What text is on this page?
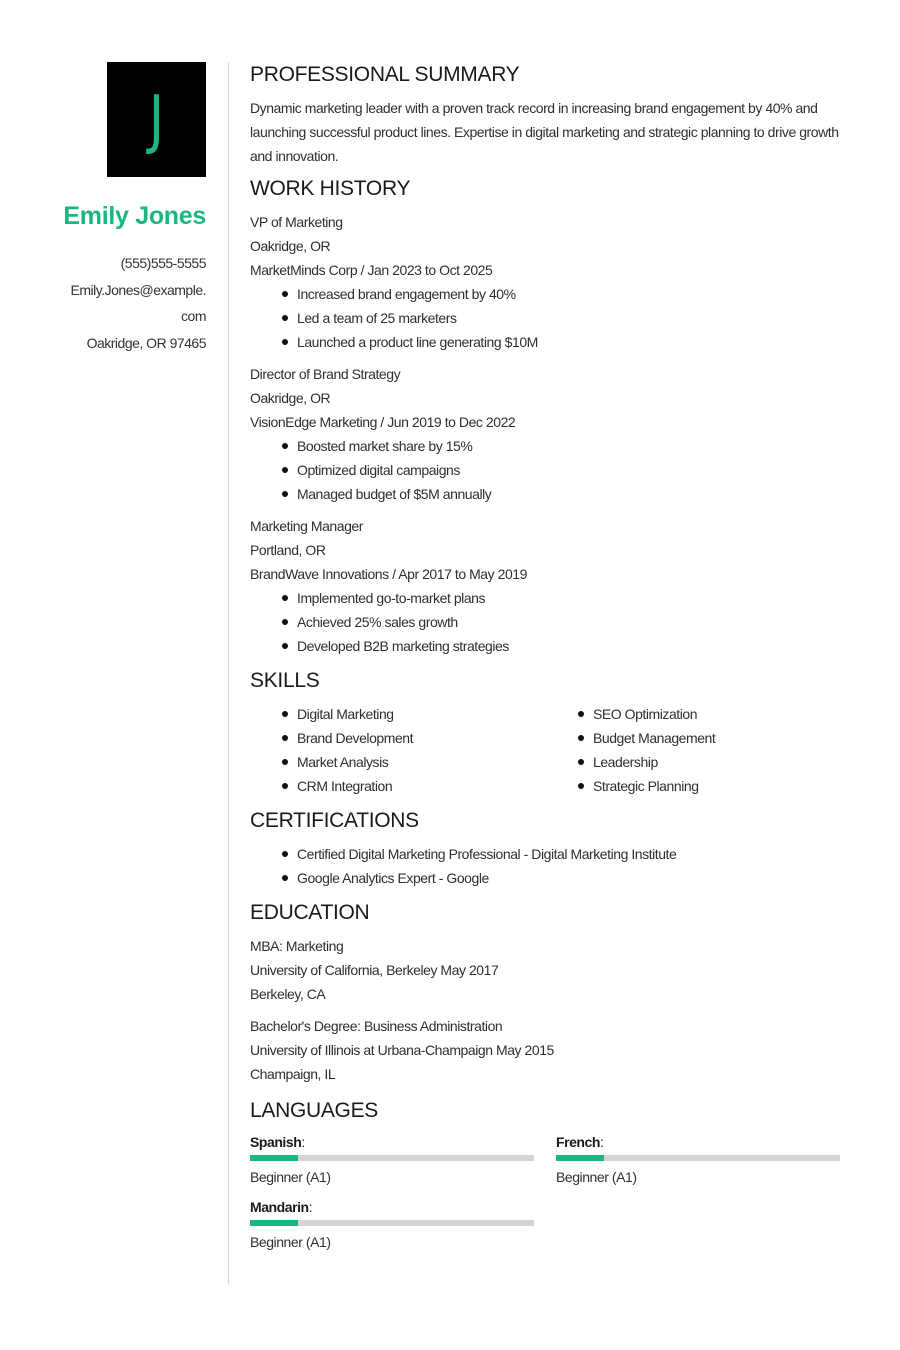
J
Emily Jones
(555)555-5555
Emily.Jones@example.
com
Oakridge, OR 97465
PROFESSIONAL SUMMARY

Dynamic marketing leader with a proven track record in increasing brand engagement by 40% and launching successful product lines. Expertise in digital marketing and strategic planning to drive growth and innovation.

WORK HISTORY
VP of Marketing
Oakridge, OR
MarketMinds Corp / Jan 2023 to Oct 2025
Increased brand engagement by 40%
Led a team of 25 marketers
Launched a product line generating $10M
Director of Brand Strategy
Oakridge, OR
VisionEdge Marketing / Jun 2019 to Dec 2022
Boosted market share by 15%
Optimized digital campaigns
Managed budget of $5M annually
Marketing Manager
Portland, OR
BrandWave Innovations / Apr 2017 to May 2019
Implemented go-to-market plans
Achieved 25% sales growth
Developed B2B marketing strategies
SKILLS
Digital Marketing
Brand Development
Market Analysis
CRM Integration
SEO Optimization
Budget Management
Leadership
Strategic Planning
CERTIFICATIONS
Certified Digital Marketing Professional - Digital Marketing Institute
Google Analytics Expert - Google
EDUCATION
MBA: Marketing
University of California, Berkeley May 2017
Berkeley, CA
Bachelor's Degree: Business Administration
University of Illinois at Urbana-Champaign May 2015
Champaign, IL
LANGUAGES
Spanish:
Beginner (A1)
French:
Beginner (A1)
Mandarin:
Beginner (A1)
